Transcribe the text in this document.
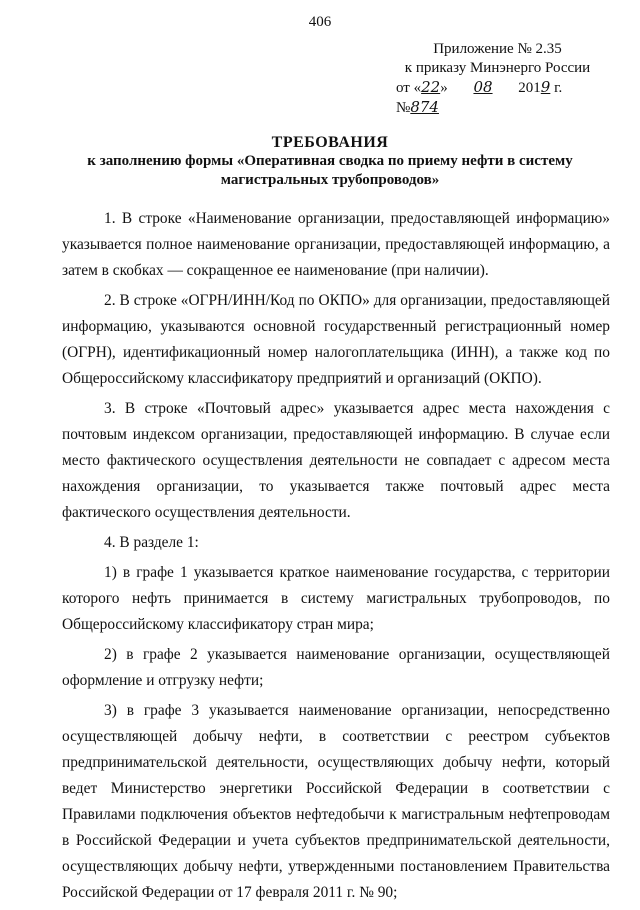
406
Приложение № 2.35
к приказу Минэнерго России
от «22» 08 2019 г. №874
ТРЕБОВАНИЯ
к заполнению формы «Оперативная сводка по приему нефти в систему магистральных трубопроводов»

1. В строке «Наименование организации, предоставляющей информацию» указывается полное наименование организации, предоставляющей информацию, а затем в скобках — сокращенное ее наименование (при наличии).

2. В строке «ОГРН/ИНН/Код по ОКПО» для организации, предоставляющей информацию, указываются основной государственный регистрационный номер (ОГРН), идентификационный номер налогоплательщика (ИНН), а также код по Общероссийскому классификатору предприятий и организаций (ОКПО).

3. В строке «Почтовый адрес» указывается адрес места нахождения с почтовым индексом организации, предоставляющей информацию. В случае если место фактического осуществления деятельности не совпадает с адресом места нахождения организации, то указывается также почтовый адрес места фактического осуществления деятельности.

4. В разделе 1:

1) в графе 1 указывается краткое наименование государства, с территории которого нефть принимается в систему магистральных трубопроводов, по Общероссийскому классификатору стран мира;

2) в графе 2 указывается наименование организации, осуществляющей оформление и отгрузку нефти;

3) в графе 3 указывается наименование организации, непосредственно осуществляющей добычу нефти, в соответствии с реестром субъектов предпринимательской деятельности, осуществляющих добычу нефти, который ведет Министерство энергетики Российской Федерации в соответствии с Правилами подключения объектов нефтедобычи к магистральным нефтепроводам в Российской Федерации и учета субъектов предпринимательской деятельности, осуществляющих добычу нефти, утвержденными постановлением Правительства Российской Федерации от 17 февраля 2011 г. № 90;
